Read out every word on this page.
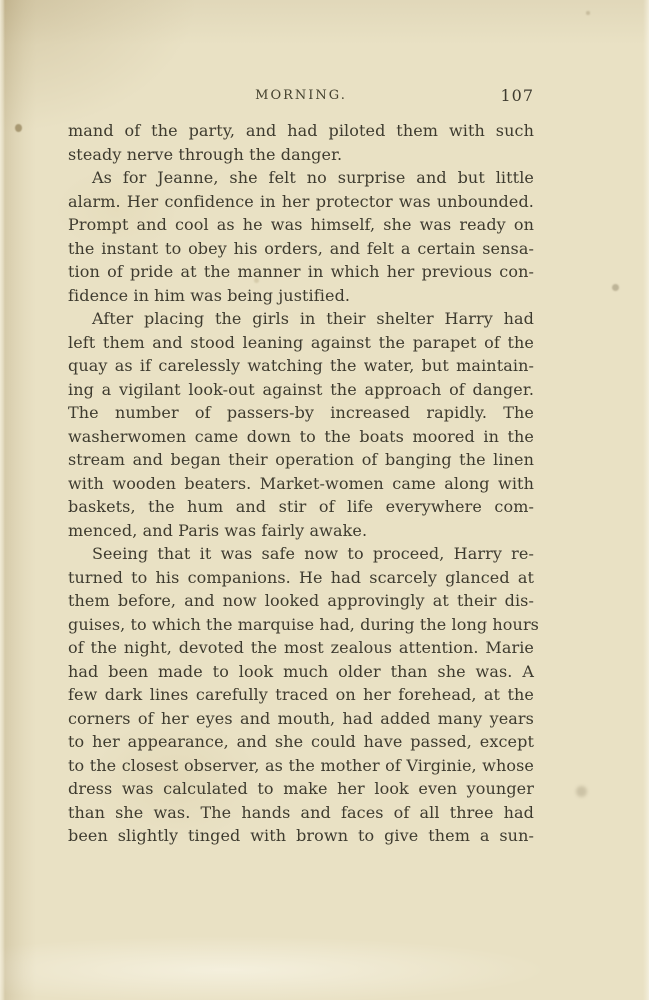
MORNING.	107
mand of the party, and had piloted them with such
steady nerve through the danger.
As for Jeanne, she felt no surprise and but little
alarm. Her confidence in her protector was unbounded.
Prompt and cool as he was himself, she was ready on
the instant to obey his orders, and felt a certain sensa-
tion of pride at the manner in which her previous con-
fidence in him was being justified.
After placing the girls in their shelter Harry had
left them and stood leaning against the parapet of the
quay as if carelessly watching the water, but maintain-
ing a vigilant look-out against the approach of danger.
The number of passers-by increased rapidly. The
washerwomen came down to the boats moored in the
stream and began their operation of banging the linen
with wooden beaters. Market-women came along with
baskets, the hum and stir of life everywhere com-
menced, and Paris was fairly awake.
Seeing that it was safe now to proceed, Harry re-
turned to his companions. He had scarcely glanced at
them before, and now looked approvingly at their dis-
guises, to which the marquise had, during the long hours
of the night, devoted the most zealous attention. Marie
had been made to look much older than she was. A
few dark lines carefully traced on her forehead, at the
corners of her eyes and mouth, had added many years
to her appearance, and she could have passed, except
to the closest observer, as the mother of Virginie, whose
dress was calculated to make her look even younger
than she was. The hands and faces of all three had
been slightly tinged with brown to give them a sun-
